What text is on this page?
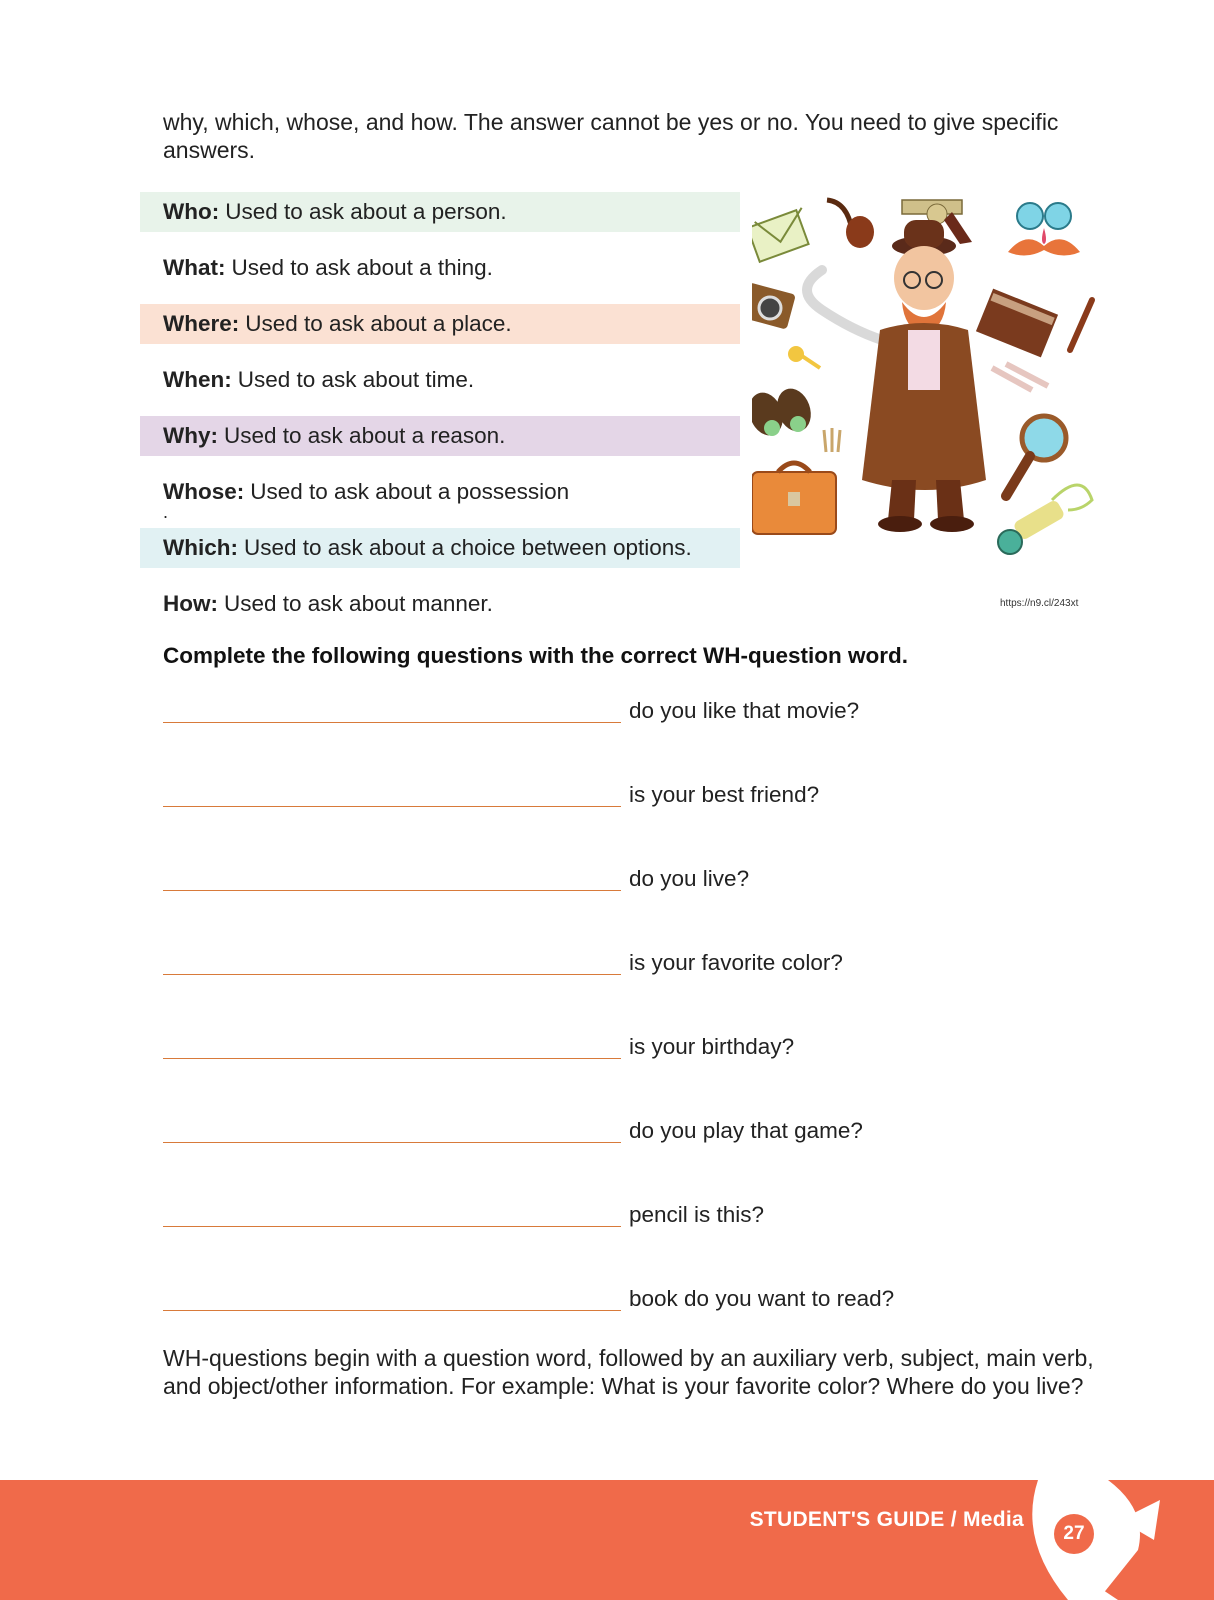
why, which, whose, and how. The answer cannot be yes or no. You need to give specific answers.
Who: Used to ask about a person.
What: Used to ask about a thing.
Where: Used to ask about a place.
When: Used to ask about time.
Why: Used to ask about a reason.
Whose: Used to ask about a possession
.
Which: Used to ask about a choice between options.
How: Used to ask about manner.	https://n9.cl/243xt
Complete the following questions with the correct WH-question word.
do you like that movie?
is your best friend?
do you live?
is your favorite color?
is your birthday?
do you play that game?
pencil is this?
book do you want to read?
WH-questions begin with a question word, followed by an auxiliary verb, subject, main verb, and object/other information. For example: What is your favorite color? Where do you live?
STUDENT'S GUIDE / Media
27
